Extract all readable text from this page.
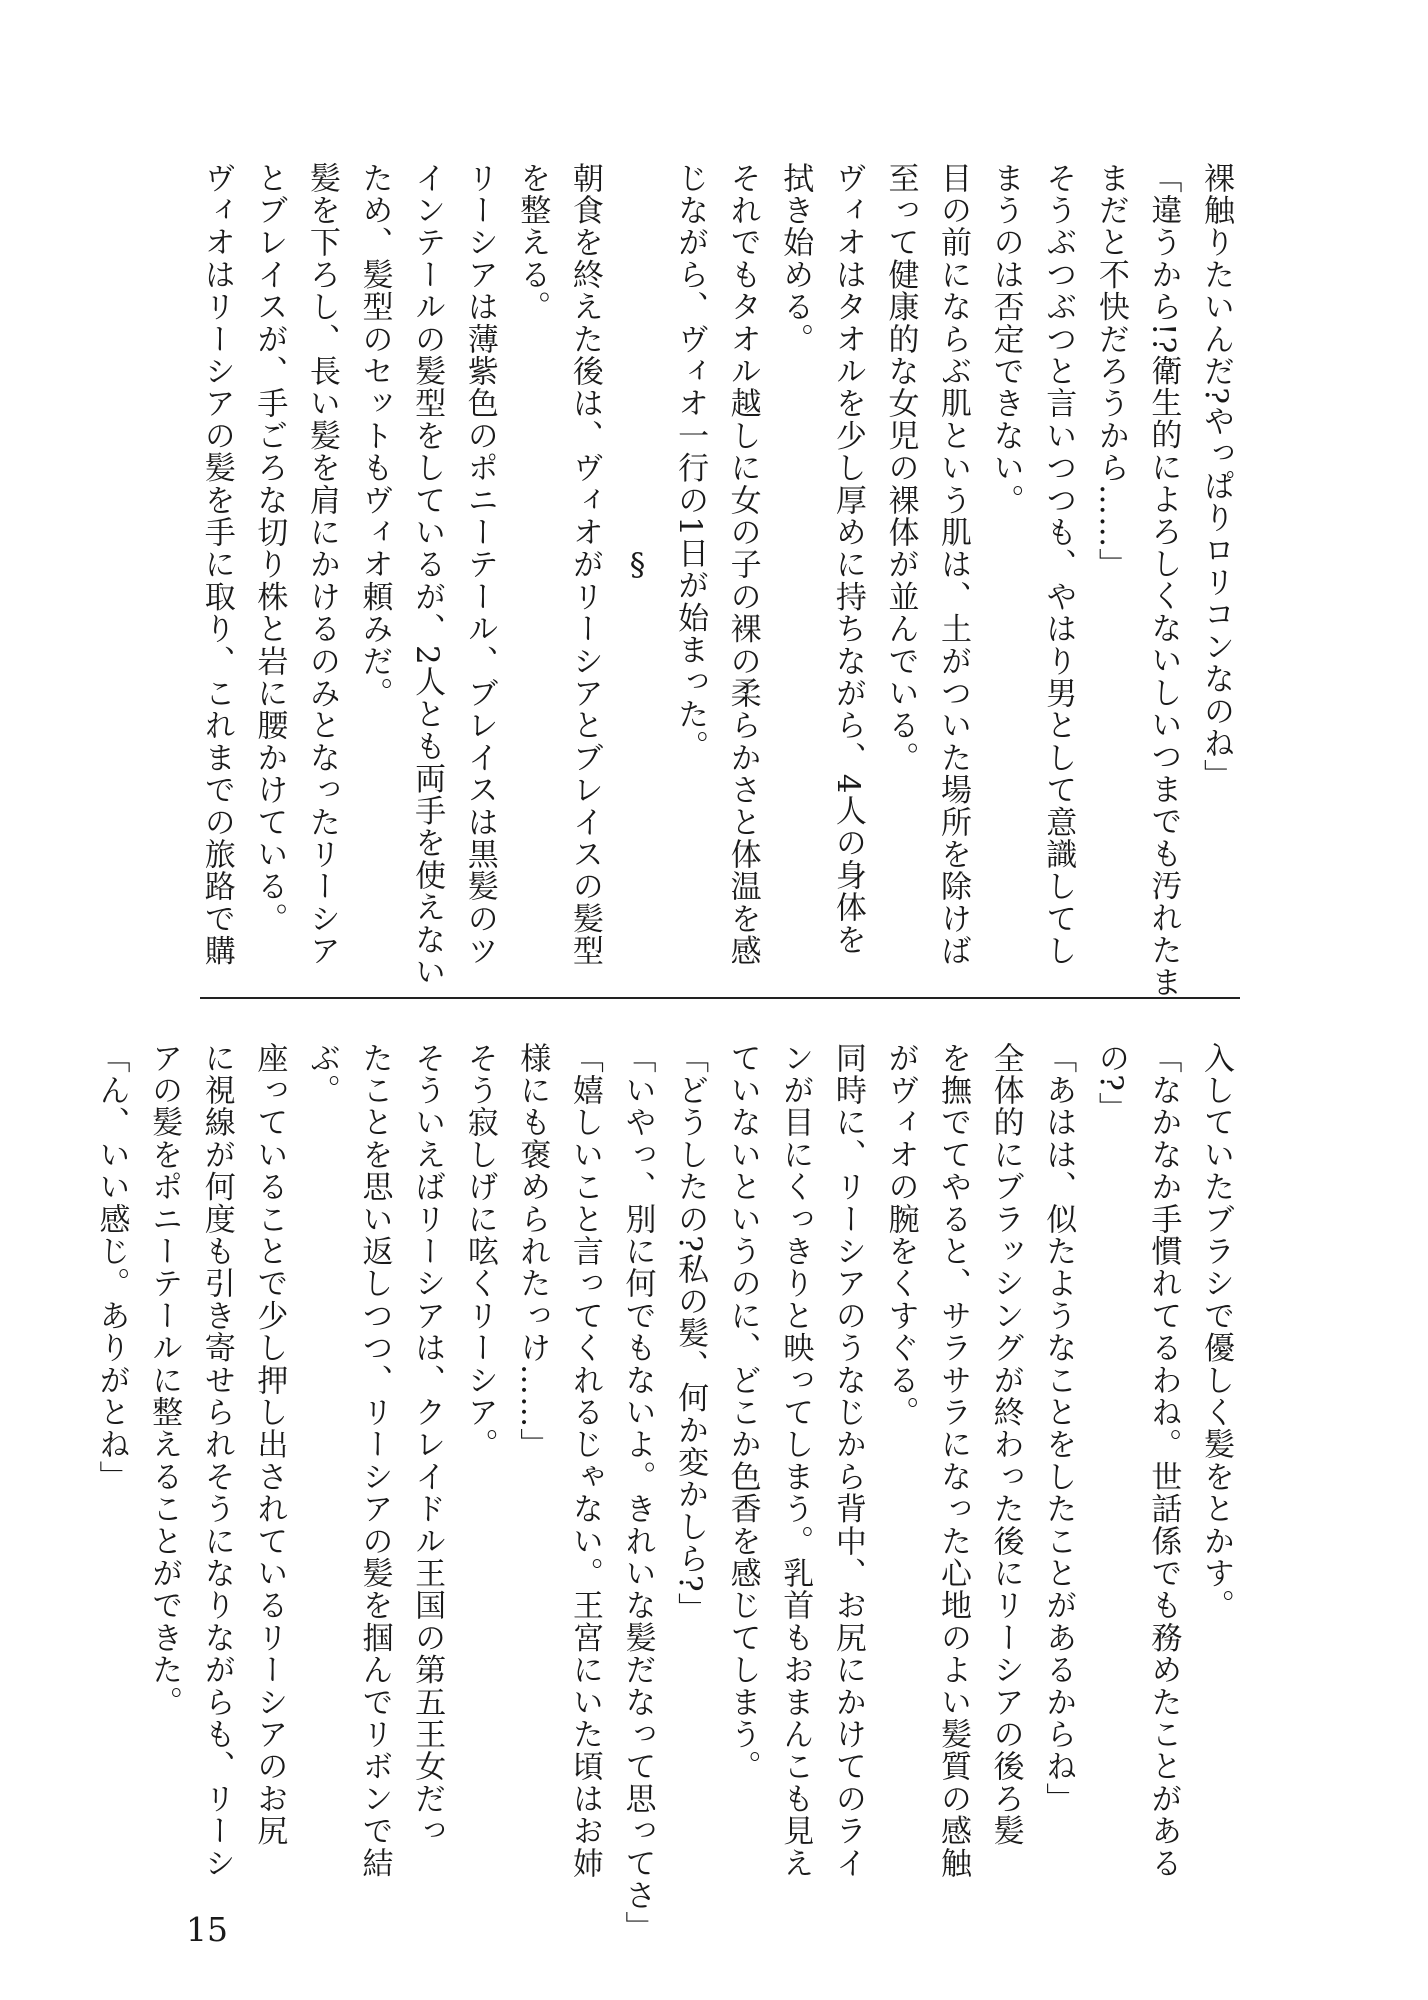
裸触りたいんだ?やっぱりロリコンなのね」
「違うから!?衛生的によろしくないしいつまでも汚れたま
まだと不快だろうから……」
そうぶつぶつと言いつつも、やはり男として意識してし
まうのは否定できない。
目の前にならぶ肌という肌は、土がついた場所を除けば
至って健康的な女児の裸体が並んでいる。
ヴィオはタオルを少し厚めに持ちながら、4人の身体を
拭き始める。
それでもタオル越しに女の子の裸の柔らかさと体温を感
じながら、ヴィオ一行の1日が始まった。
§
朝食を終えた後は、ヴィオがリーシアとブレイスの髪型
を整える。
リーシアは薄紫色のポニーテール、ブレイスは黒髪のツ
インテールの髪型をしているが、2人とも両手を使えない
ため、髪型のセットもヴィオ頼みだ。
髪を下ろし、長い髪を肩にかけるのみとなったリーシア
とブレイスが、手ごろな切り株と岩に腰かけている。
ヴィオはリーシアの髪を手に取り、これまでの旅路で購
入していたブラシで優しく髪をとかす。
「なかなか手慣れてるわね。世話係でも務めたことがある
の?」
「あはは、似たようなことをしたことがあるからね」
全体的にブラッシングが終わった後にリーシアの後ろ髪
を撫でてやると、サラサラになった心地のよい髪質の感触
がヴィオの腕をくすぐる。
同時に、リーシアのうなじから背中、お尻にかけてのライ
ンが目にくっきりと映ってしまう。乳首もおまんこも見え
ていないというのに、どこか色香を感じてしまう。
「どうしたの?私の髪、何か変かしら?」
「いやっ、別に何でもないよ。きれいな髪だなって思ってさ」
「嬉しいこと言ってくれるじゃない。王宮にいた頃はお姉
様にも褒められたっけ……」
そう寂しげに呟くリーシア。
そういえばリーシアは、クレイドル王国の第五王女だっ
たことを思い返しつつ、リーシアの髪を掴んでリボンで結
ぶ。
座っていることで少し押し出されているリーシアのお尻
に視線が何度も引き寄せられそうになりながらも、リーシ
アの髪をポニーテールに整えることができた。
「ん、いい感じ。ありがとね」
15
